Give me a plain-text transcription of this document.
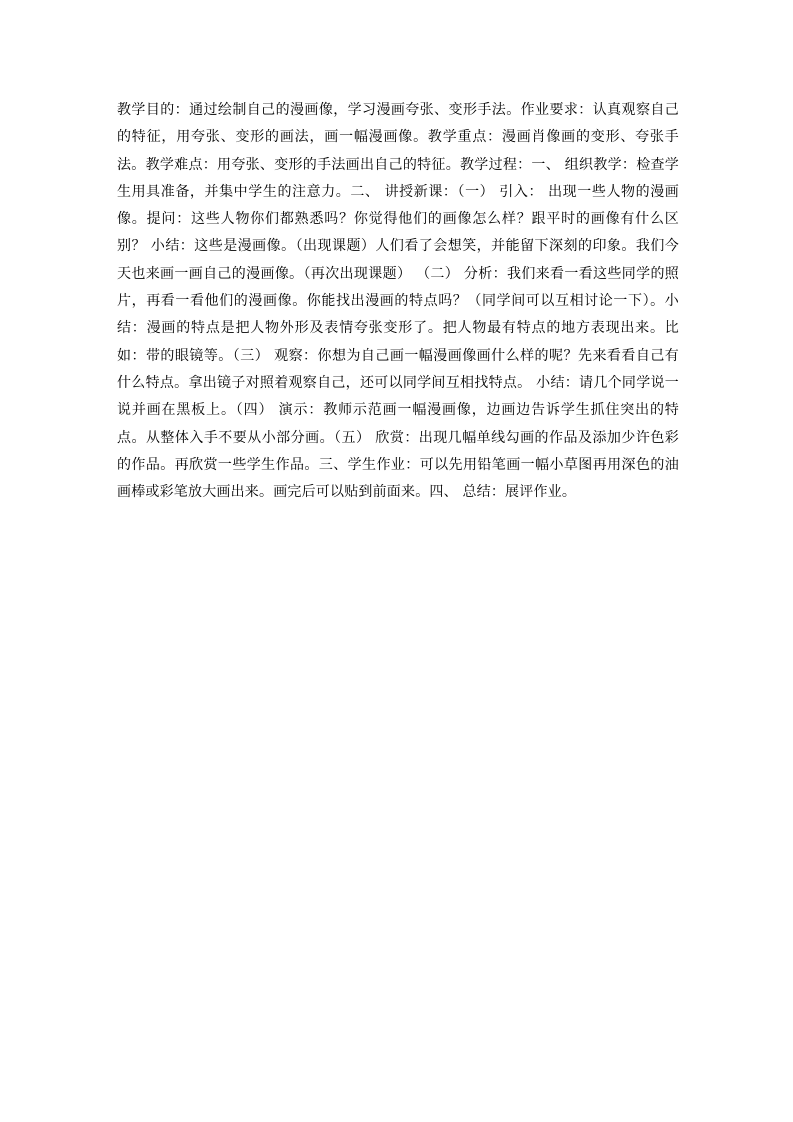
教学目的：通过绘制自己的漫画像，学习漫画夸张、变形手法。作业要求：认真观察自己的特征，用夸张、变形的画法，画一幅漫画像。教学重点：漫画肖像画的变形、夸张手法。教学难点：用夸张、变形的手法画出自己的特征。教学过程：一、 组织教学：检查学生用具准备，并集中学生的注意力。二、 讲授新课：（一） 引入： 出现一些人物的漫画像。提问：这些人物你们都熟悉吗？你觉得他们的画像怎么样？跟平时的画像有什么区别？ 小结：这些是漫画像。（出现课题）人们看了会想笑，并能留下深刻的印象。我们今天也来画一画自己的漫画像。（再次出现课题） （二） 分析：我们来看一看这些同学的照片，再看一看他们的漫画像。你能找出漫画的特点吗？（同学间可以互相讨论一下）。小结：漫画的特点是把人物外形及表情夸张变形了。把人物最有特点的地方表现出来。比如：带的眼镜等。（三） 观察：你想为自己画一幅漫画像画什么样的呢？先来看看自己有什么特点。拿出镜子对照着观察自己，还可以同学间互相找特点。 小结：请几个同学说一说并画在黑板上。（四） 演示：教师示范画一幅漫画像，边画边告诉学生抓住突出的特点。从整体入手不要从小部分画。（五） 欣赏：出现几幅单线勾画的作品及添加少许色彩的作品。再欣赏一些学生作品。三、学生作业：可以先用铅笔画一幅小草图再用深色的油画棒或彩笔放大画出来。画完后可以贴到前面来。四、 总结：展评作业。
